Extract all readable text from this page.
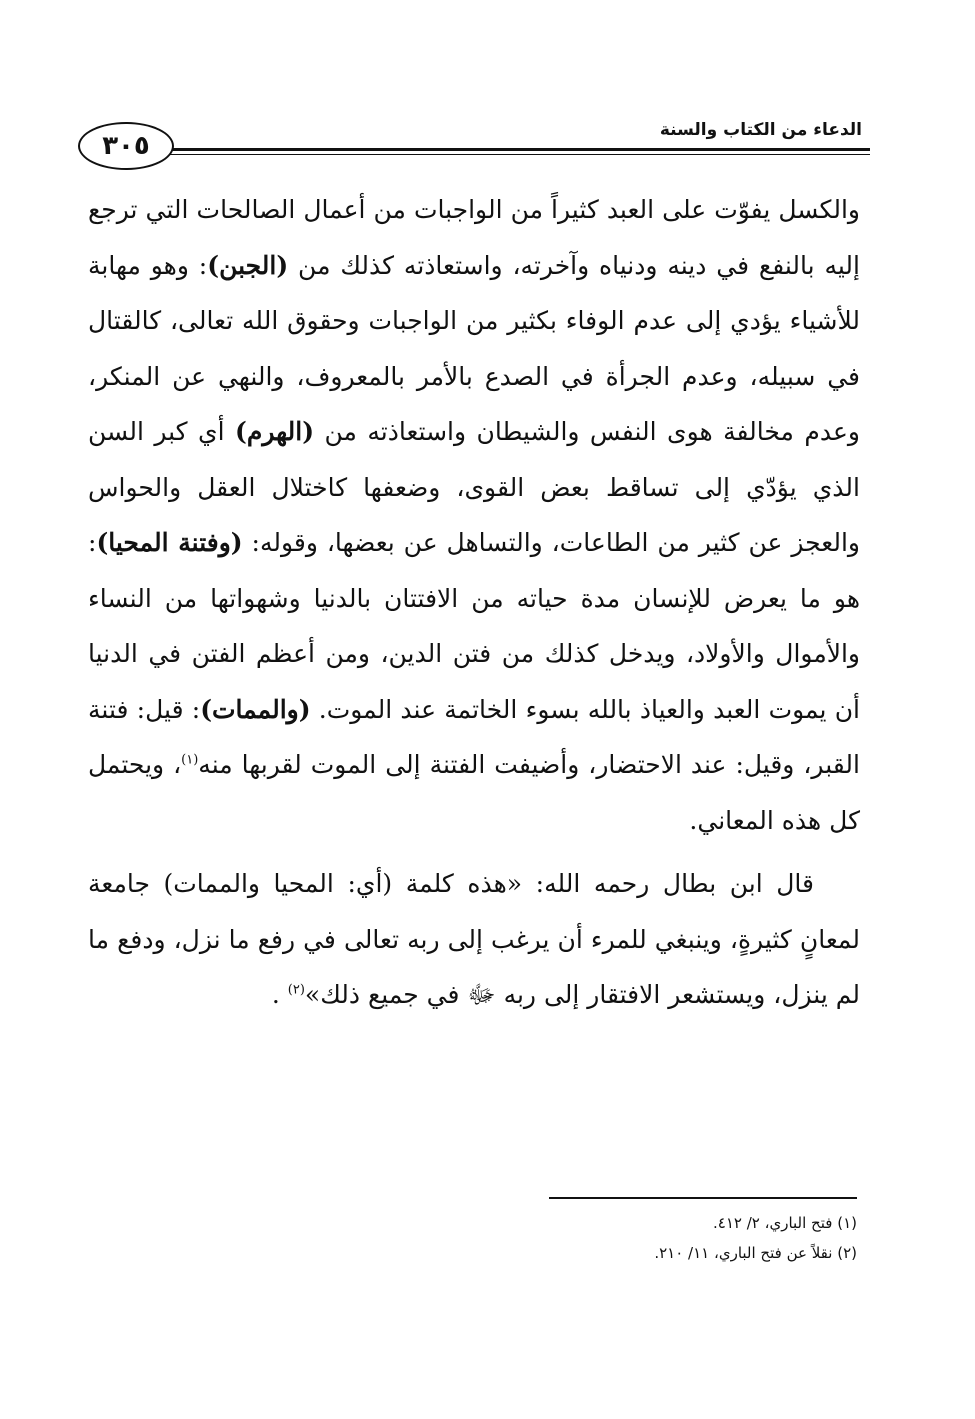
الدعاء من الكتاب والسنة
٣٠٥

والكسل يفوّت على العبد كثيراً من الواجبات من أعمال الصالحات التي ترجع إليه بالنفع في دينه ودنياه وآخرته، واستعاذته كذلك من (الجبن): وهو مهابة للأشياء يؤدي إلى عدم الوفاء بكثير من الواجبات وحقوق الله تعالى، كالقتال في سبيله، وعدم الجرأة في الصدع بالأمر بالمعروف، والنهي عن المنكر، وعدم مخالفة هوى النفس والشيطان واستعاذته من (الهرم) أي كبر السن الذي يؤدّي إلى تساقط بعض القوى، وضعفها كاختلال العقل والحواس والعجز عن كثير من الطاعات، والتساهل عن بعضها، وقوله: (وفتنة المحيا): هو ما يعرض للإنسان مدة حياته من الافتتان بالدنيا وشهواتها من النساء والأموال والأولاد، ويدخل كذلك من فتن الدين، ومن أعظم الفتن في الدنيا أن يموت العبد والعياذ بالله بسوء الخاتمة عند الموت. (والممات): قيل: فتنة القبر، وقيل: عند الاحتضار، وأضيفت الفتنة إلى الموت لقربها منه$^{(١)}$، ويحتمل كل هذه المعاني.

قال ابن بطال رحمه الله: «هذه كلمة (أي: المحيا والممات) جامعة لمعانٍ كثيرةٍ، وينبغي للمرء أن يرغب إلى ربه تعالى في رفع ما نزل، ودفع ما لم ينزل، ويستشعر الافتقار إلى ربه ﷻ في جميع ذلك»$^{(٢)}$ .

(١) فتح الباري، ٢/ ٤١٢.
(٢) نقلاً عن فتح الباري، ١١/ ٢١٠.
